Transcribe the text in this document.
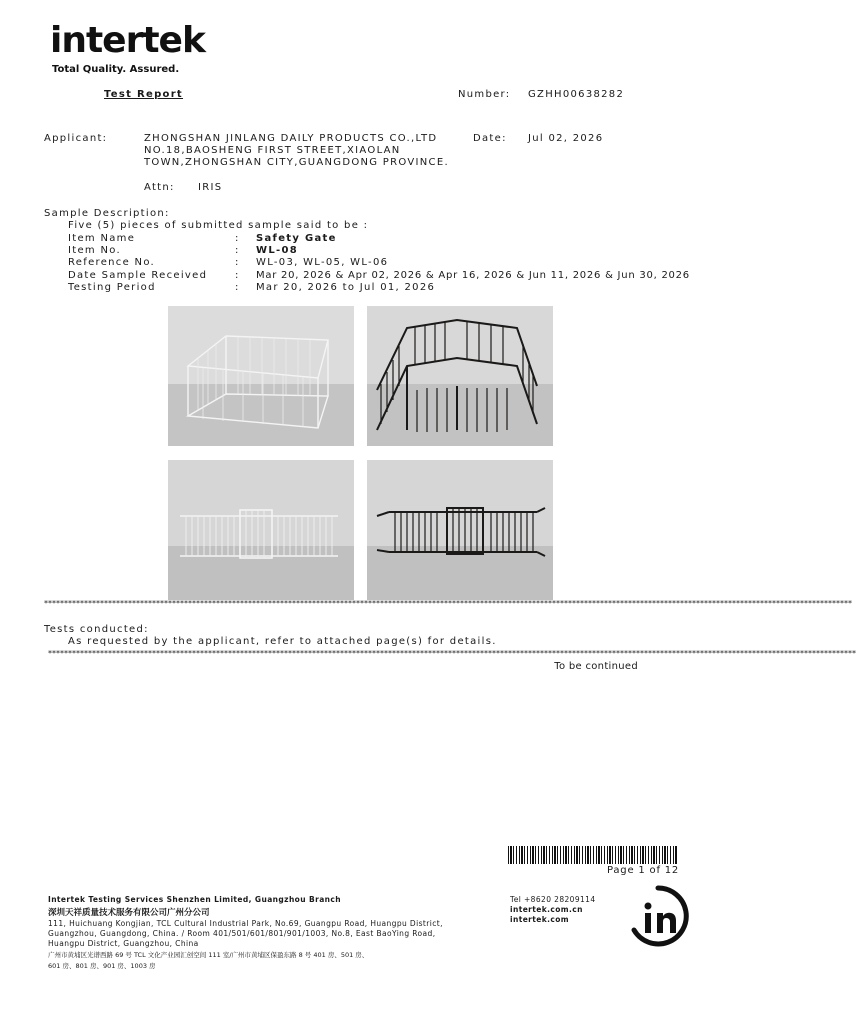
intertek
Total Quality. Assured.
Test Report	Number: GZHH00638282
Applicant:	ZHONGSHAN JINLANG DAILY PRODUCTS CO.,LTD
NO.18,BAOSHENG FIRST STREET,XIAOLAN
TOWN,ZHONGSHAN CITY,GUANGDONG PROVINCE.
Date: Jul 02, 2026
Attn: IRIS
Sample Description:
Five (5) pieces of submitted sample said to be :
Item Name	: Safety Gate
Item No.	: WL-08
Reference No.	: WL-03, WL-05, WL-06
Date Sample Received	: Mar 20, 2026 & Apr 02, 2026 & Apr 16, 2026 & Jun 11, 2026 & Jun 30, 2026
Testing Period	: Mar 20, 2026 to Jul 01, 2026
**********************************************************************************************************************************************************************************************************
Tests conducted:
As requested by the applicant, refer to attached page(s) for details.
**********************************************************************************************************************************************************************************************************
To be continued
Page 1 of 12
Intertek Testing Services Shenzhen Limited, Guangzhou Branch
深圳天祥质量技术服务有限公司广州分公司
111, Huichuang Kongjian, TCL Cultural Industrial Park, No.69, Guangpu Road, Huangpu District,
Guangzhou, Guangdong, China. / Room 401/501/601/801/901/1003, No.8, East BaoYing Road,
Huangpu District, Guangzhou, China
广州市黄埔区光谱西路 69 号 TCL 文化产业园汇创空间 111 室/广州市黄埔区保盈东路 8 号 401 房、501 房、
601 房、801 房、901 房、1003 房
Tel +8620 28209114
intertek.com.cn
intertek.com
